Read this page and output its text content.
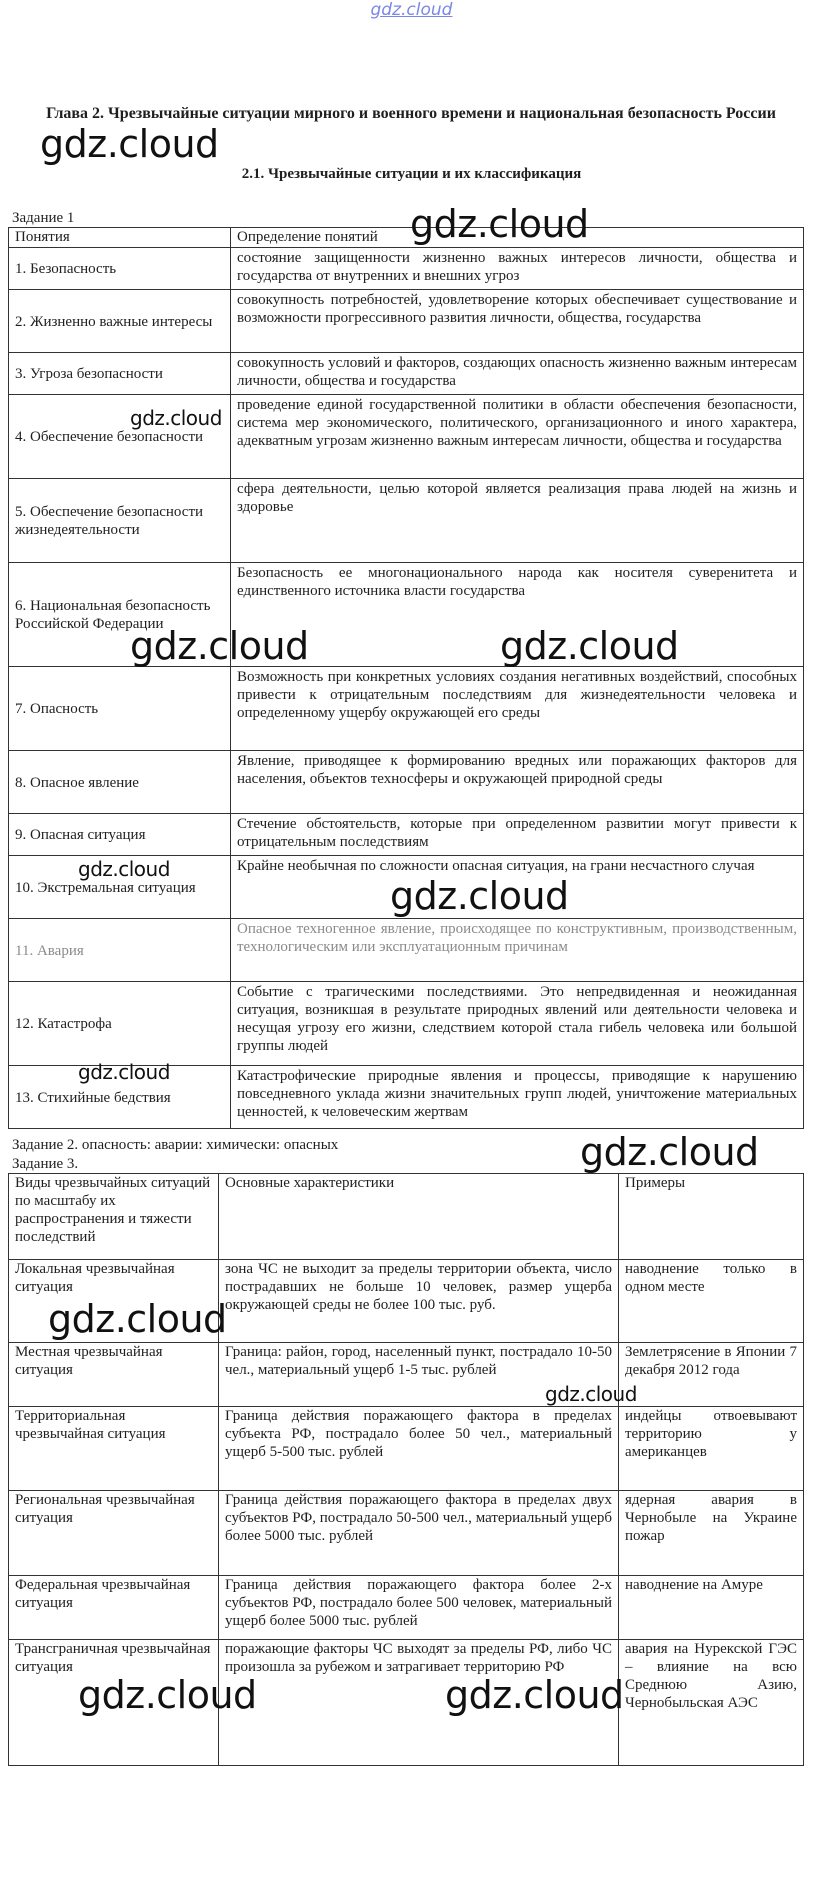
gdz.cloud
Глава 2. Чрезвычайные ситуации мирного и военного времени и национальная безопасность России
2.1. Чрезвычайные ситуации и их классификация
Задание 1
Понятия	Определение понятий
1. Безопасность	состояние защищенности жизненно важных интересов личности, общества и государства от внутренних и внешних угроз
2. Жизненно важные интересы	совокупность потребностей, удовлетворение которых обеспечивает существование и возможности прогрессивного развития личности, общества, государства
3. Угроза безопасности	совокупность условий и факторов, создающих опасность жизненно важным интересам личности, общества и государства
4. Обеспечение безопасности	проведение единой государственной политики в области обеспечения безопасности, система мер экономического, политического, организационного и иного характера, адекватным угрозам жизненно важным интересам личности, общества и государства
5. Обеспечение безопасности жизнедеятельности	сфера деятельности, целью которой является реализация права людей на жизнь и здоровье
6. Национальная безопасность Российской Федерации	Безопасность ее многонационального народа как носителя суверенитета и единственного источника власти государства
7. Опасность	Возможность при конкретных условиях создания негативных воздействий, способных привести к отрицательным последствиям для жизнедеятельности человека и определенному ущербу окружающей его среды
8. Опасное явление	Явление, приводящее к формированию вредных или поражающих факторов для населения, объектов техносферы и окружающей природной среды
9. Опасная ситуация	Стечение обстоятельств, которые при определенном развитии могут привести к отрицательным последствиям
10. Экстремальная ситуация	Крайне необычная по сложности опасная ситуация, на грани несчастного случая
11. Авария	Опасное техногенное явление, происходящее по конструктивным, производственным, технологическим или эксплуатационным причинам
12. Катастрофа	Событие с трагическими последствиями. Это непредвиденная и неожиданная ситуация, возникшая в результате природных явлений или деятельности человека и несущая угрозу его жизни, следствием которой стала гибель человека или большой группы людей
13. Стихийные бедствия	Катастрофические природные явления и процессы, приводящие к нарушению повседневного уклада жизни значительных групп людей, уничтожение материальных ценностей, к человеческим жертвам
Задание 2. опасность: аварии: химически: опасных
Задание 3.
Виды чрезвычайных ситуаций по масштабу их распространения и тяжести последствий	Основные характеристики	Примеры
Локальная чрезвычайная ситуация	зона ЧС не выходит за пределы территории объекта, число пострадавших не больше 10 человек, размер ущерба окружающей среды не более 100 тыс. руб.	наводнение только в одном месте
Местная чрезвычайная ситуация	Граница: район, город, населенный пункт, пострадало 10-50 чел., материальный ущерб 1-5 тыс. рублей	Землетрясение в Японии 7 декабря 2012 года
Территориальная чрезвычайная ситуация	Граница действия поражающего фактора в пределах субъекта РФ, пострадало более 50 чел., материальный ущерб 5-500 тыс. рублей	индейцы отвоевывают территорию у американцев
Региональная чрезвычайная ситуация	Граница действия поражающего фактора в пределах двух субъектов РФ, пострадало 50-500 чел., материальный ущерб более 5000 тыс. рублей	ядерная авария в Чернобыле на Украине пожар
Федеральная чрезвычайная ситуация	Граница действия поражающего фактора более 2-х субъектов РФ, пострадало более 500 человек, материальный ущерб более 5000 тыс. рублей	наводнение на Амуре
Трансграничная чрезвычайная ситуация	поражающие факторы ЧС выходят за пределы РФ, либо ЧС произошла за рубежом и затрагивает территорию РФ	авария на Нурекской ГЭС – влияние на всю Среднюю Азию, Чернобыльская АЭС
gdz.cloud
gdz.cloud
gdz.cloud
gdz.cloud	gdz.cloud
gdz.cloud
gdz.cloud
gdz.cloud
gdz.cloud
gdz.cloud
gdz.cloud
gdz.cloud	gdz.cloud
